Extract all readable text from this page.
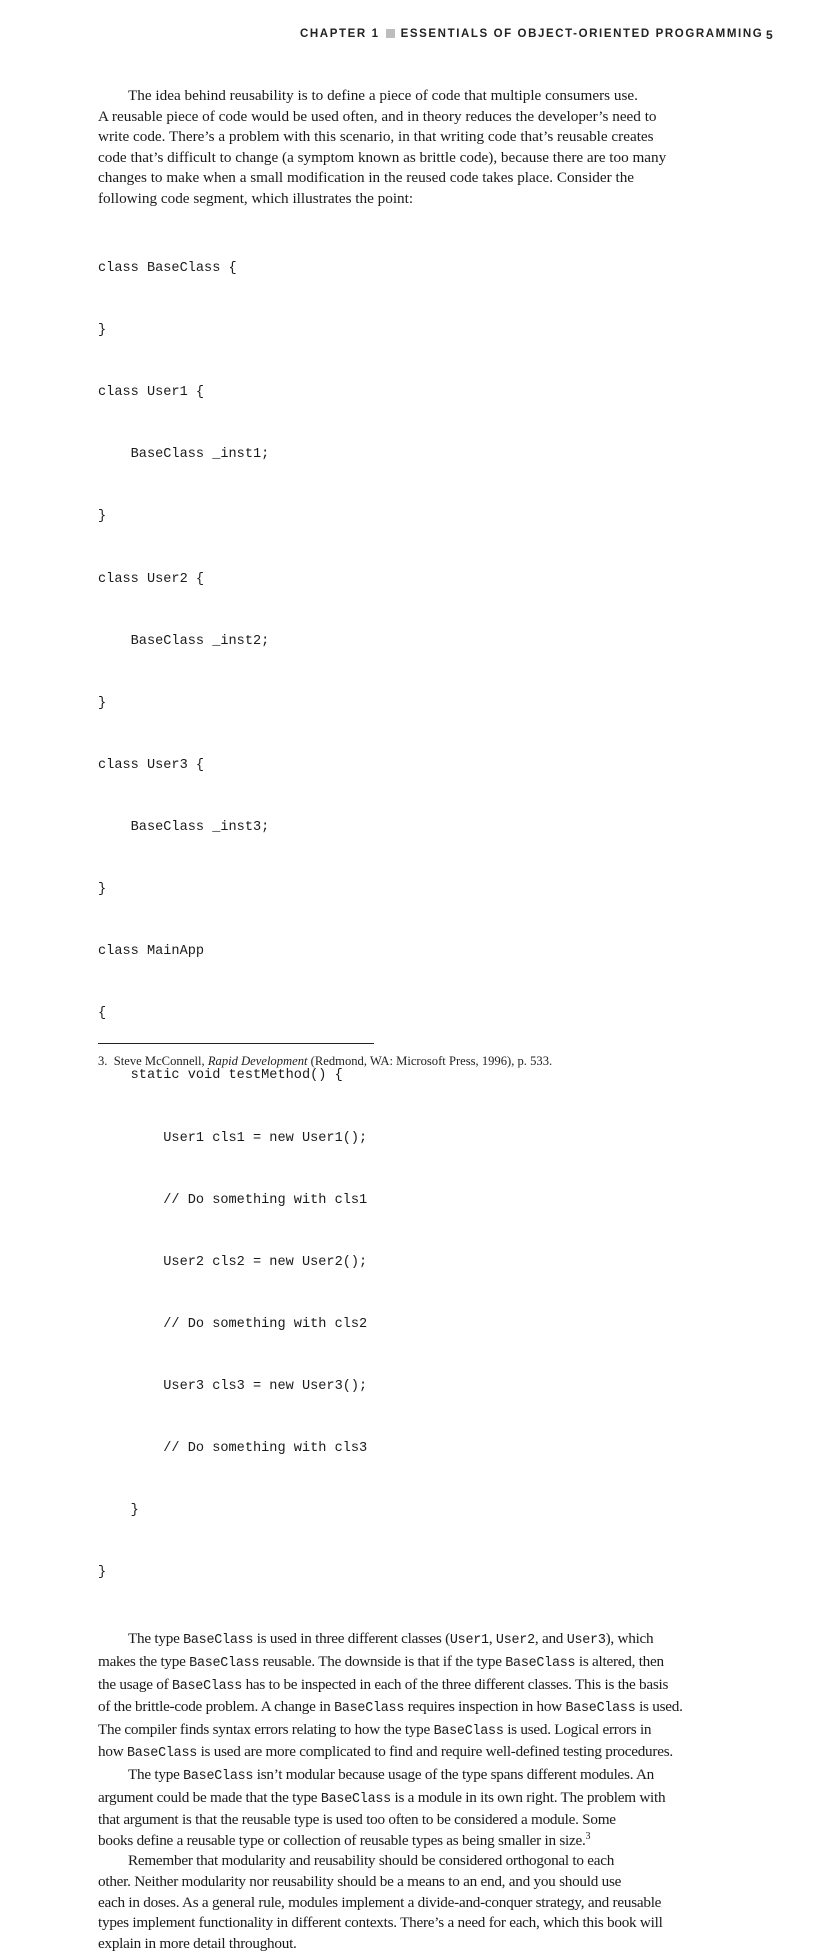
CHAPTER 1 ESSENTIALS OF OBJECT-ORIENTED PROGRAMMING 5

The idea behind reusability is to define a piece of code that multiple consumers use.
A reusable piece of code would be used often, and in theory reduces the developer’s need to
write code. There’s a problem with this scenario, in that writing code that’s reusable creates
code that’s difficult to change (a symptom known as brittle code), because there are too many
changes to make when a small modification in the reused code takes place. Consider the
following code segment, which illustrates the point:

class BaseClass {

}

class User1 {

BaseClass _inst1;

}

class User2 {

BaseClass _inst2;

}

class User3 {

BaseClass _inst3;

}

class MainApp

{

static void testMethod() {

User1 cls1 = new User1();

// Do something with cls1

User2 cls2 = new User2();

// Do something with cls2

User3 cls3 = new User3();

// Do something with cls3

}

}

The type BaseClass is used in three different classes (User1, User2, and User3), which
makes the type BaseClass reusable. The downside is that if the type BaseClass is altered, then
the usage of BaseClass has to be inspected in each of the three different classes. This is the basis
of the brittle-code problem. A change in BaseClass requires inspection in how BaseClass is used.
The compiler finds syntax errors relating to how the type BaseClass is used. Logical errors in
how BaseClass is used are more complicated to find and require well-defined testing procedures.

The type BaseClass isn’t modular because usage of the type spans different modules. An
argument could be made that the type BaseClass is a module in its own right. The problem with
that argument is that the reusable type is used too often to be considered a module. Some
books define a reusable type or collection of reusable types as being smaller in size.$^3$

Remember that modularity and reusability should be considered orthogonal to each
other. Neither modularity nor reusability should be a means to an end, and you should use
each in doses. As a general rule, modules implement a divide-and-conquer strategy, and reusable
types implement functionality in different contexts. There’s a need for each, which this book will
explain in more detail throughout.

3. Steve McConnell, Rapid Development (Redmond, WA: Microsoft Press, 1996), p. 533.
